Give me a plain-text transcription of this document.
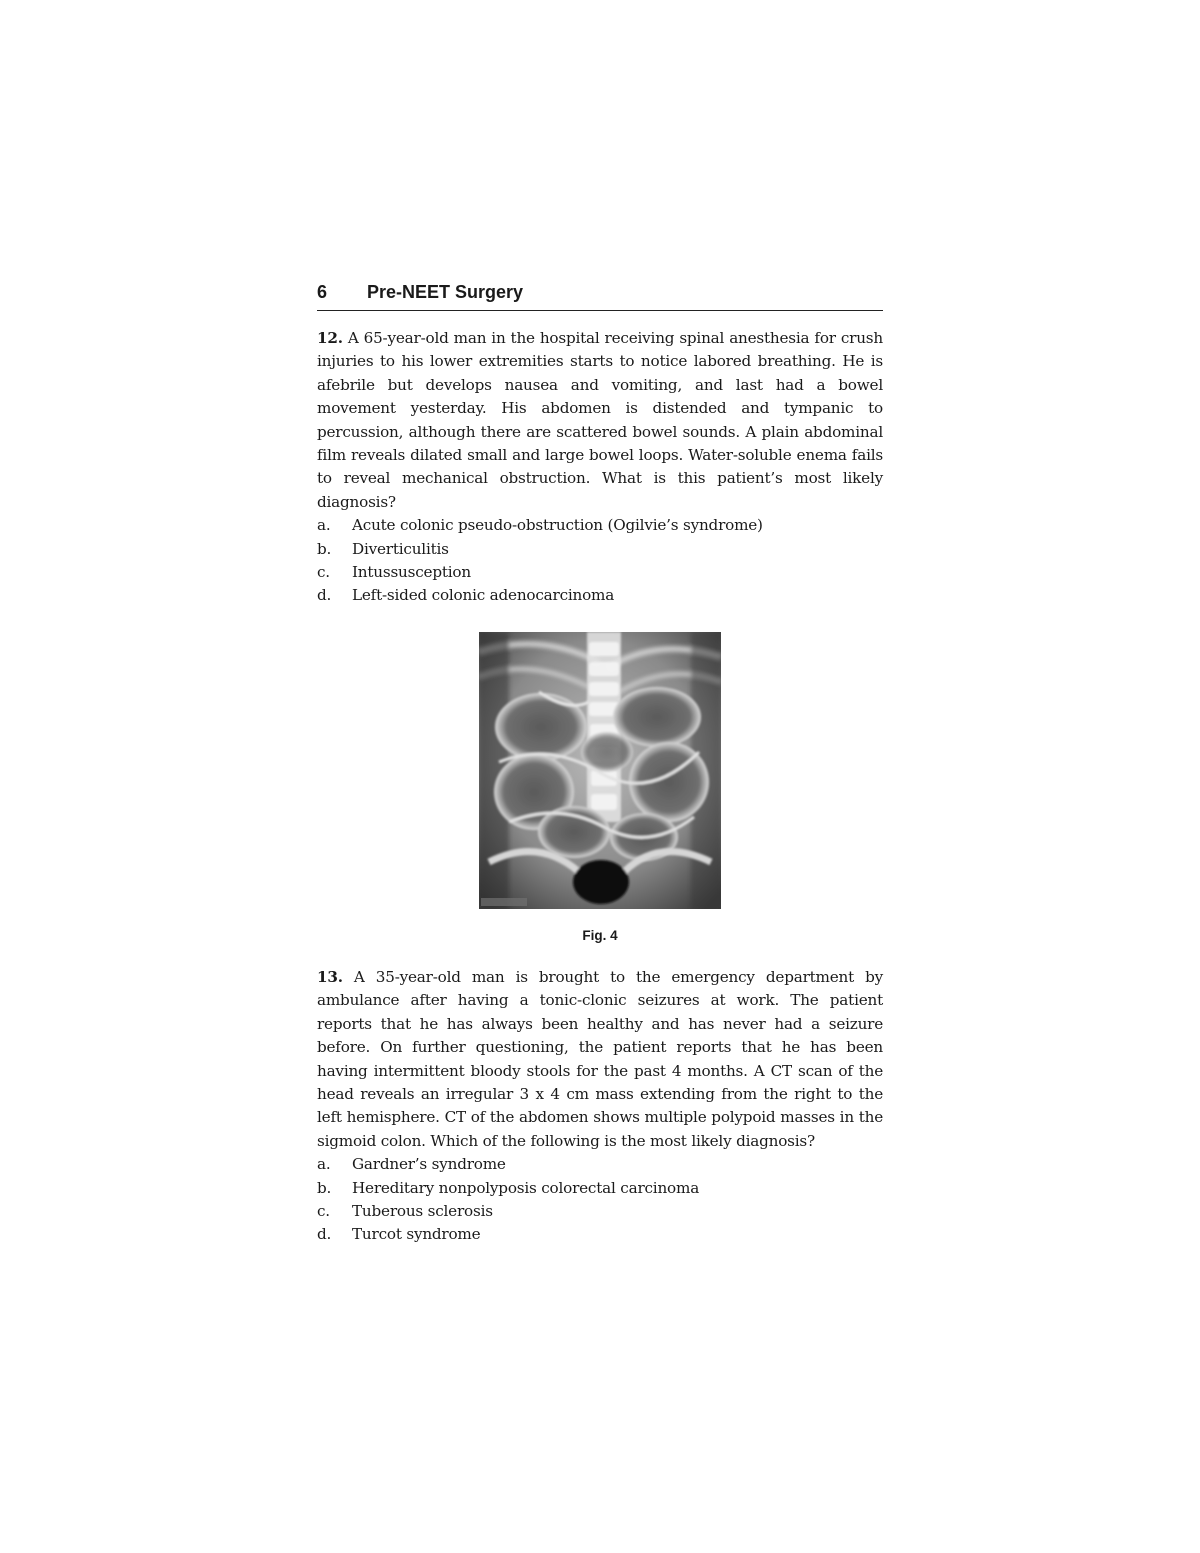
6 Pre-NEET Surgery

12. A 65-year-old man in the hospital receiving spinal anesthesia for crush injuries to his lower extremities starts to notice labored breathing. He is afebrile but develops nausea and vomiting, and last had a bowel movement yesterday. His abdomen is distended and tympanic to percussion, although there are scattered bowel sounds. A plain abdominal film reveals dilated small and large bowel loops. Water-soluble enema fails to reveal mechanical obstruction. What is this patient’s most likely diagnosis?

a.	Acute colonic pseudo-obstruction (Ogilvie’s syndrome)
b.	Diverticulitis
c.	Intussusception
d.	Left-sided colonic adenocarcinoma
Fig. 4

13. A 35-year-old man is brought to the emergency department by ambulance after having a tonic-clonic seizures at work. The patient reports that he has always been healthy and has never had a seizure before. On further questioning, the patient reports that he has been having intermittent bloody stools for the past 4 months. A CT scan of the head reveals an irregular 3 x 4 cm mass extending from the right to the left hemisphere. CT of the abdomen shows multiple polypoid masses in the sigmoid colon. Which of the following is the most likely diagnosis?

a.	Gardner’s syndrome
b.	Hereditary nonpolyposis colorectal carcinoma
c.	Tuberous sclerosis
d.	Turcot syndrome
